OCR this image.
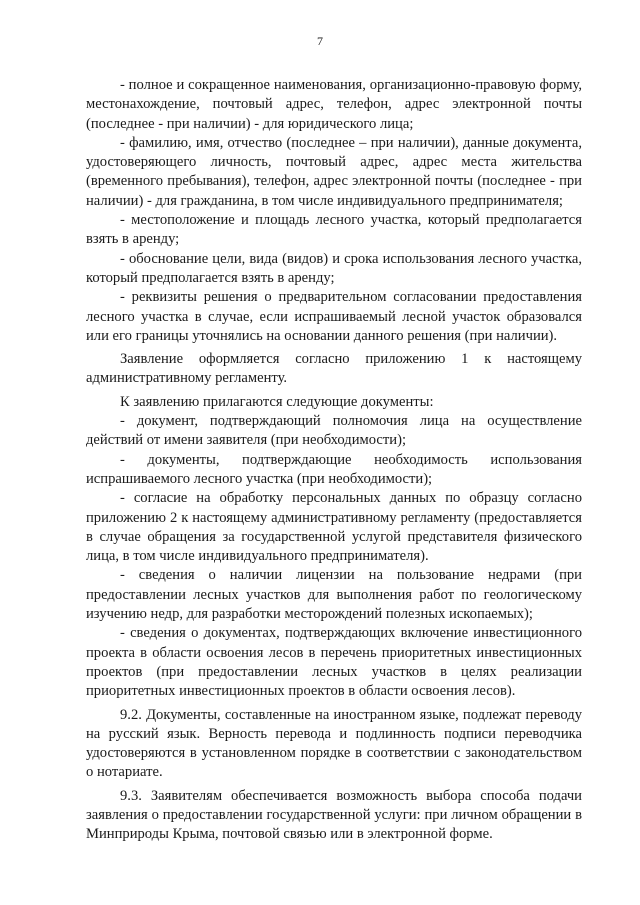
7

- полное и сокращенное наименования, организационно-правовую форму, местонахождение, почтовый адрес, телефон, адрес электронной почты (последнее - при наличии) - для юридического лица;

- фамилию, имя, отчество (последнее – при наличии), данные документа, удостоверяющего личность, почтовый адрес, адрес места жительства (временного пребывания), телефон, адрес электронной почты (последнее - при наличии) - для гражданина, в том числе индивидуального предпринимателя;

- местоположение и площадь лесного участка, который предполагается взять в аренду;

- обоснование цели, вида (видов) и срока использования лесного участка, который предполагается взять в аренду;

- реквизиты решения о предварительном согласовании предоставления лесного участка в случае, если испрашиваемый лесной участок образовался или его границы уточнялись на основании данного решения (при наличии).

Заявление оформляется согласно приложению 1 к настоящему административному регламенту.

К заявлению прилагаются следующие документы:

- документ, подтверждающий полномочия лица на осуществление действий от имени заявителя (при необходимости);

- документы, подтверждающие необходимость использования испрашиваемого лесного участка (при необходимости);

- согласие на обработку персональных данных по образцу согласно приложению 2 к настоящему административному регламенту (предоставляется в случае обращения за государственной услугой представителя физического лица, в том числе индивидуального предпринимателя).

- сведения о наличии лицензии на пользование недрами (при предоставлении лесных участков для выполнения работ по геологическому изучению недр, для разработки месторождений полезных ископаемых);

- сведения о документах, подтверждающих включение инвестиционного проекта в области освоения лесов в перечень приоритетных инвестиционных проектов (при предоставлении лесных участков в целях реализации приоритетных инвестиционных проектов в области освоения лесов).

9.2. Документы, составленные на иностранном языке, подлежат переводу на русский язык. Верность перевода и подлинность подписи переводчика удостоверяются в установленном порядке в соответствии с законодательством о нотариате.

9.3. Заявителям обеспечивается возможность выбора способа подачи заявления о предоставлении государственной услуги: при личном обращении в Минприроды Крыма, почтовой связью или в электронной форме.
